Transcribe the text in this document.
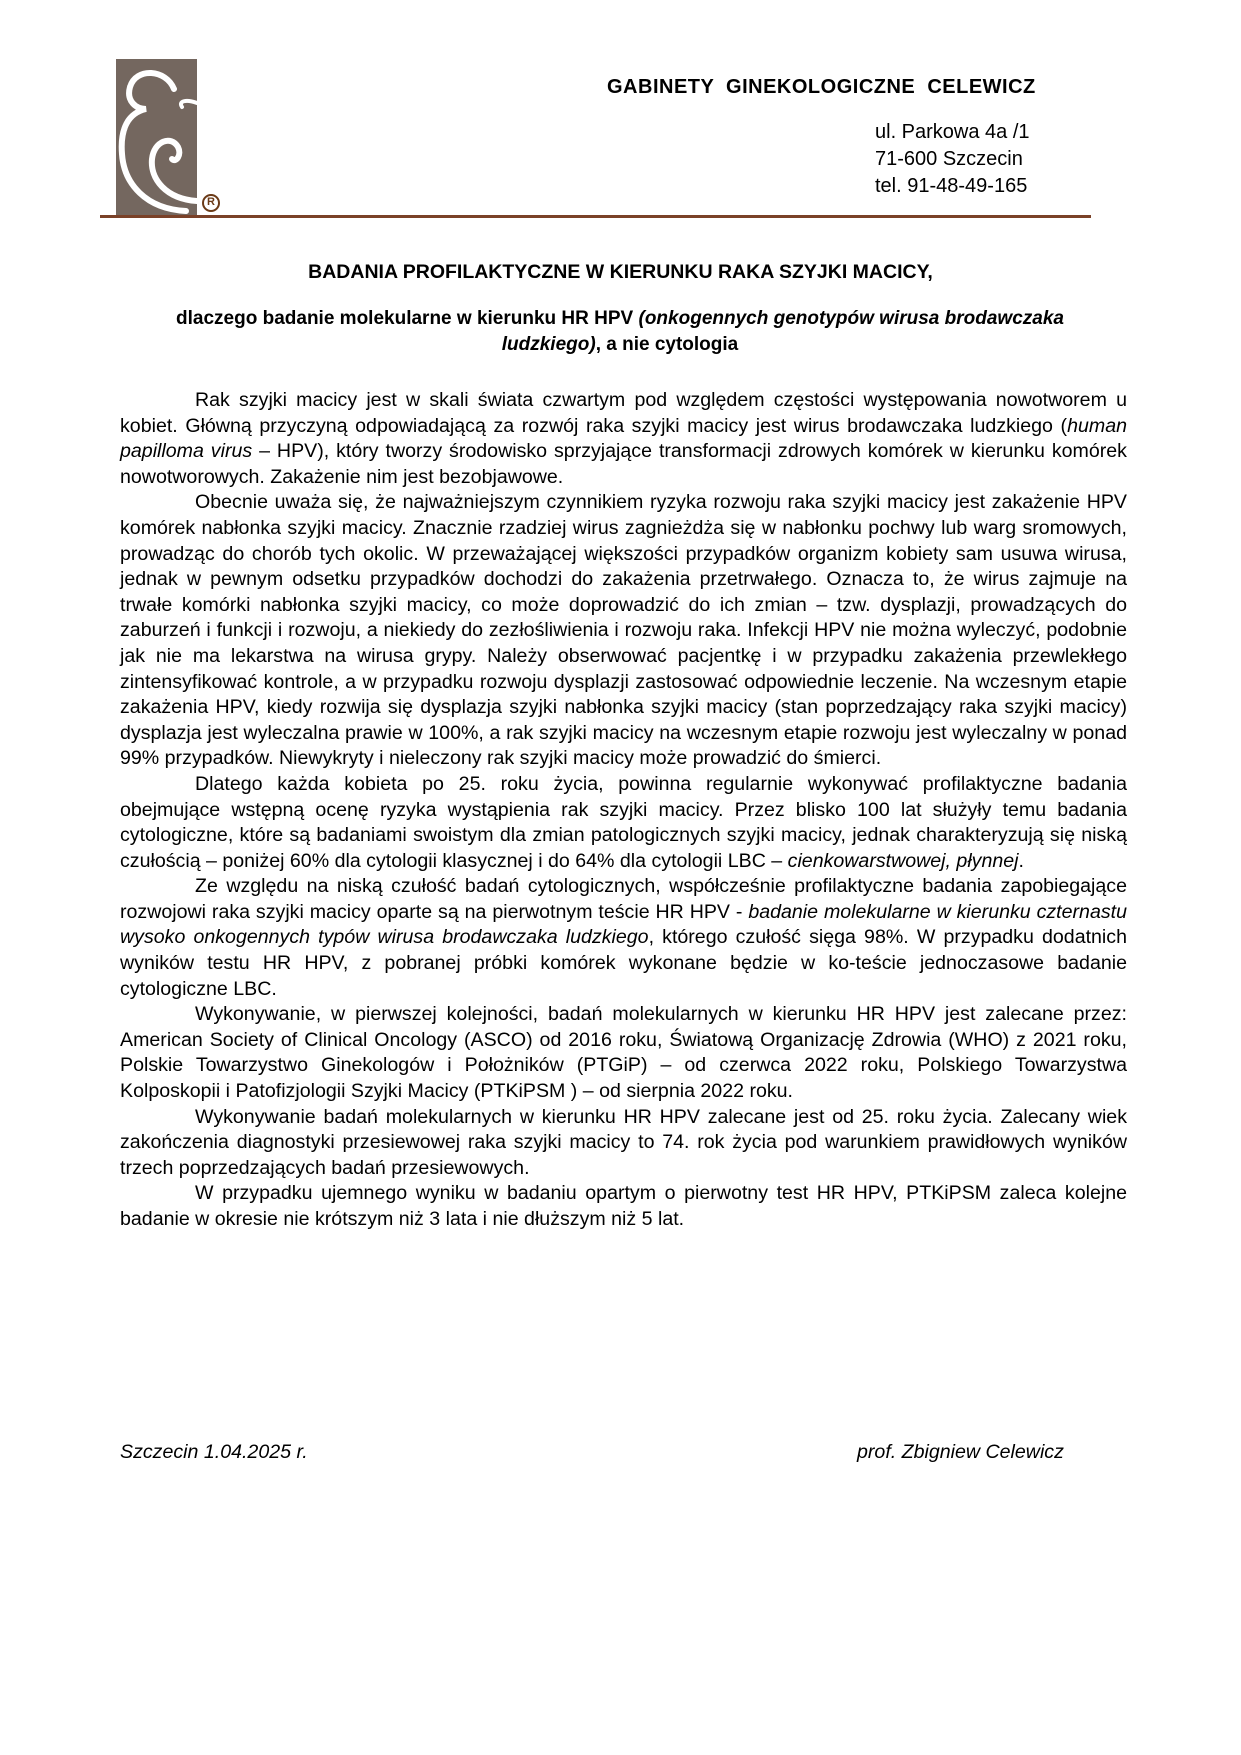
R
GABINETY GINEKOLOGICZNE CELEWICZ
ul. Parkowa 4a /1
71-600 Szczecin
tel. 91-48-49-165
BADANIA PROFILAKTYCZNE W KIERUNKU RAKA SZYJKI MACICY,
dlaczego badanie molekularne w kierunku HR HPV (onkogennych genotypów wirusa brodawczaka ludzkiego), a nie cytologia

Rak szyjki macicy jest w skali świata czwartym pod względem częstości występowania nowotworem u kobiet. Główną przyczyną odpowiadającą za rozwój raka szyjki macicy jest wirus brodawczaka ludzkiego (human papilloma virus – HPV), który tworzy środowisko sprzyjające transformacji zdrowych komórek w kierunku komórek nowotworowych. Zakażenie nim jest bezobjawowe.

Obecnie uważa się, że najważniejszym czynnikiem ryzyka rozwoju raka szyjki macicy jest zakażenie HPV komórek nabłonka szyjki macicy. Znacznie rzadziej wirus zagnieżdża się w nabłonku pochwy lub warg sromowych, prowadząc do chorób tych okolic. W przeważającej większości przypadków organizm kobiety sam usuwa wirusa, jednak w pewnym odsetku przypadków dochodzi do zakażenia przetrwałego. Oznacza to, że wirus zajmuje na trwałe komórki nabłonka szyjki macicy, co może doprowadzić do ich zmian – tzw. dysplazji, prowadzących do zaburzeń i funkcji i rozwoju, a niekiedy do zezłośliwienia i rozwoju raka. Infekcji HPV nie można wyleczyć, podobnie jak nie ma lekarstwa na wirusa grypy. Należy obserwować pacjentkę i w przypadku zakażenia przewlekłego zintensyfikować kontrole, a w przypadku rozwoju dysplazji zastosować odpowiednie leczenie. Na wczesnym etapie zakażenia HPV, kiedy rozwija się dysplazja szyjki nabłonka szyjki macicy (stan poprzedzający raka szyjki macicy) dysplazja jest wyleczalna prawie w 100%, a rak szyjki macicy na wczesnym etapie rozwoju jest wyleczalny w ponad 99% przypadków. Niewykryty i nieleczony rak szyjki macicy może prowadzić do śmierci.

Dlatego każda kobieta po 25. roku życia, powinna regularnie wykonywać profilaktyczne badania obejmujące wstępną ocenę ryzyka wystąpienia rak szyjki macicy. Przez blisko 100 lat służyły temu badania cytologiczne, które są badaniami swoistym dla zmian patologicznych szyjki macicy, jednak charakteryzują się niską czułością – poniżej 60% dla cytologii klasycznej i do 64% dla cytologii LBC – cienkowarstwowej, płynnej.

Ze względu na niską czułość badań cytologicznych, współcześnie profilaktyczne badania zapobiegające rozwojowi raka szyjki macicy oparte są na pierwotnym teście HR HPV - badanie molekularne w kierunku czternastu wysoko onkogennych typów wirusa brodawczaka ludzkiego, którego czułość sięga 98%. W przypadku dodatnich wyników testu HR HPV, z pobranej próbki komórek wykonane będzie w ko-teście jednoczasowe badanie cytologiczne LBC.

Wykonywanie, w pierwszej kolejności, badań molekularnych w kierunku HR HPV jest zalecane przez: American Society of Clinical Oncology (ASCO) od 2016 roku, Światową Organizację Zdrowia (WHO) z 2021 roku, Polskie Towarzystwo Ginekologów i Położników (PTGiP) – od czerwca 2022 roku, Polskiego Towarzystwa Kolposkopii i Patofizjologii Szyjki Macicy (PTKiPSM ) – od sierpnia 2022 roku.

Wykonywanie badań molekularnych w kierunku HR HPV zalecane jest od 25. roku życia. Zalecany wiek zakończenia diagnostyki przesiewowej raka szyjki macicy to 74. rok życia pod warunkiem prawidłowych wyników trzech poprzedzających badań przesiewowych.

W przypadku ujemnego wyniku w badaniu opartym o pierwotny test HR HPV, PTKiPSM zaleca kolejne badanie w okresie nie krótszym niż 3 lata i nie dłuższym niż 5 lat.

Szczecin 1.04.2025 r.	prof. Zbigniew Celewicz
